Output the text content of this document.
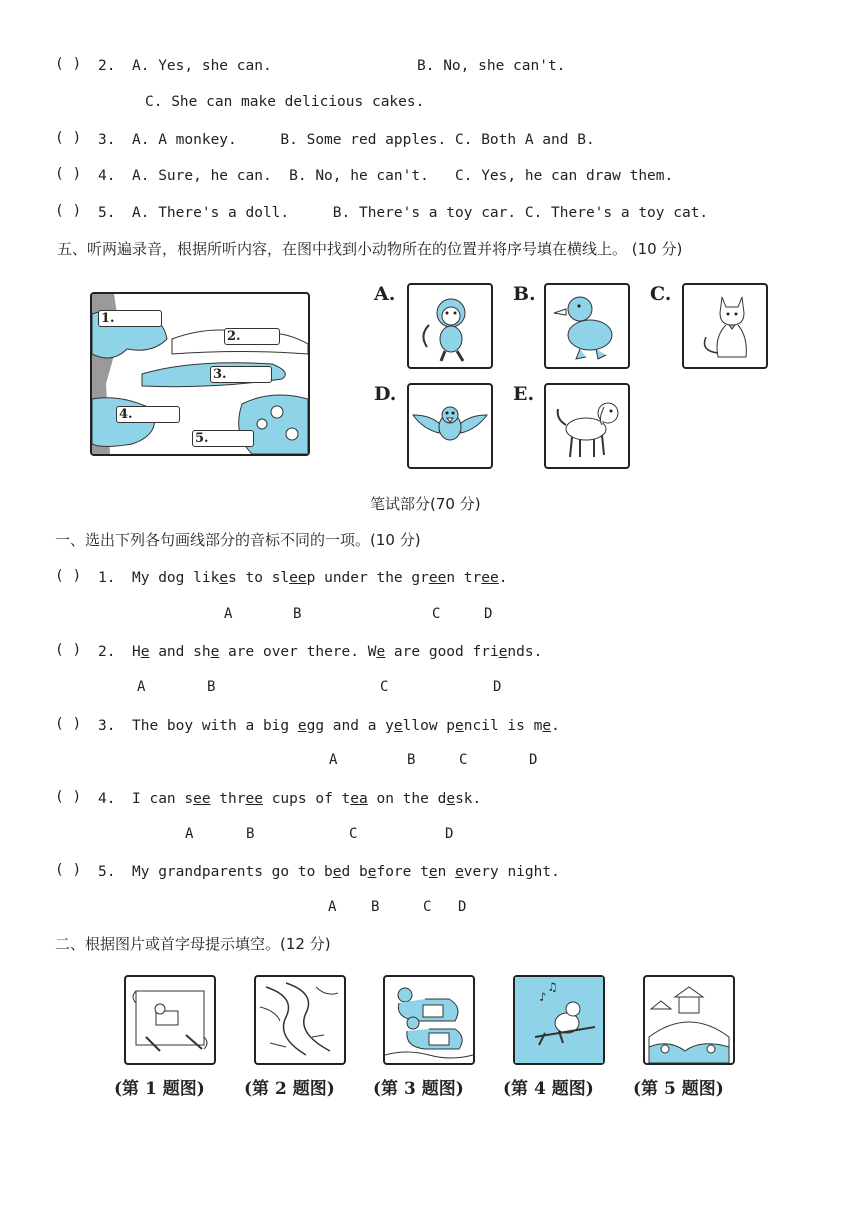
( ) 2. A. Yes, she can.	B. No, she can't.
C. She can make delicious cakes.
( ) 3. A. A monkey.     B. Some red apples. C. Both A and B.
( ) 4. A. Sure, he can.  B. No, he can't.   C. Yes, he can draw them.
( ) 5. A. There's a doll.     B. There's a toy car. C. There's a toy cat.
五、听两遍录音，根据所听内容，在图中找到小动物所在的位置并将序号填在横线上。 (10 分)
1.
2.
3.
4.
5.
A.	B.	C.
D.	E.
笔试部分(70 分)
一、选出下列各句画线部分的音标不同的一项。(10 分)
( ) 1. My dog likes to sleep under the green tree.
A	B	C	D
( ) 2. He and she are over there. We are good friends.
A	B	C	D
( ) 3. The boy with a big egg and a yellow pencil is me.
A	B	C	D
( ) 4. I can see three cups of tea on the desk.
A	B	C	D
( ) 5. My grandparents go to bed before ten every night.
A B	C D
二、根据图片或首字母提示填空。(12 分)
♪
♫
(第 1 题图) (第 2 题图) (第 3 题图) (第 4 题图) (第 5 题图)
